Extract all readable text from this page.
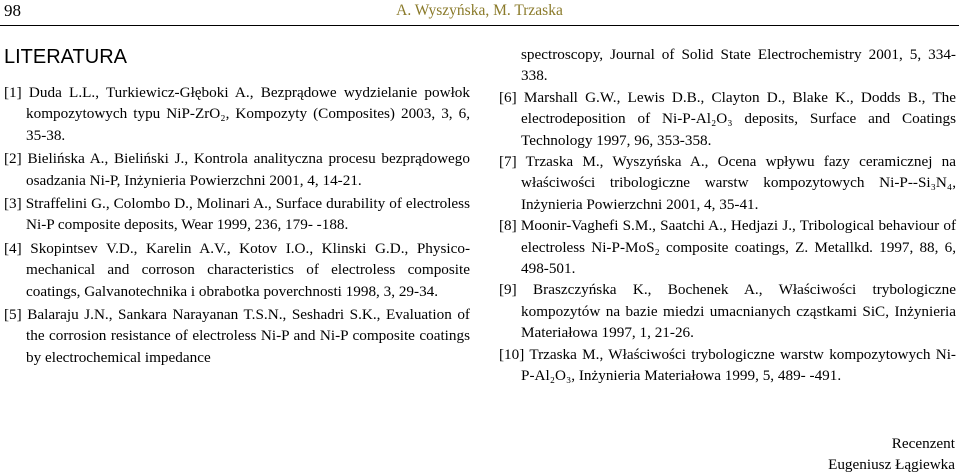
98	A. Wyszyńska, M. Trzaska
LITERATURA

[1] Duda L.L., Turkiewicz-Głęboki A., Bezprądowe wydzielanie powłok kompozytowych typu NiP-ZrO₂, Kompozyty (Composites) 2003, 3, 6, 35-38.

[2] Bielińska A., Bieliński J., Kontrola analityczna procesu bezprądowego osadzania Ni-P, Inżynieria Powierzchni 2001, 4, 14-21.

[3] Straffelini G., Colombo D., Molinari A., Surface durability of electroless Ni-P composite deposits, Wear 1999, 236, 179- -188.

[4] Skopintsev V.D., Karelin A.V., Kotov I.O., Klinski G.D., Physico-mechanical and corroson characteristics of electroless composite coatings, Galvanotechnika i obrabotka poverchnosti 1998, 3, 29-34.

[5] Balaraju J.N., Sankara Narayanan T.S.N., Seshadri S.K., Evaluation of the corrosion resistance of electroless Ni-P and Ni-P composite coatings by electrochemical impedance

spectroscopy, Journal of Solid State Electrochemistry 2001, 5, 334-338.

[6] Marshall G.W., Lewis D.B., Clayton D., Blake K., Dodds B., The electrodeposition of Ni-P-Al₂O₃ deposits, Surface and Coatings Technology 1997, 96, 353-358.

[7] Trzaska M., Wyszyńska A., Ocena wpływu fazy ceramicznej na właściwości tribologiczne warstw kompozytowych Ni-P--Si₃N₄, Inżynieria Powierzchni 2001, 4, 35-41.

[8] Moonir-Vaghefi S.M., Saatchi A., Hedjazi J., Tribological behaviour of electroless Ni-P-MoS₂ composite coatings, Z. Metallkd. 1997, 88, 6, 498-501.

[9] Braszczyńska K., Bochenek A., Właściwości trybologiczne kompozytów na bazie miedzi umacnianych cząstkami SiC, Inżynieria Materiałowa 1997, 1, 21-26.

[10] Trzaska M., Właściwości trybologiczne warstw kompozytowych Ni-P-Al₂O₃, Inżynieria Materiałowa 1999, 5, 489- -491.

Recenzent
Eugeniusz Łągiewka
